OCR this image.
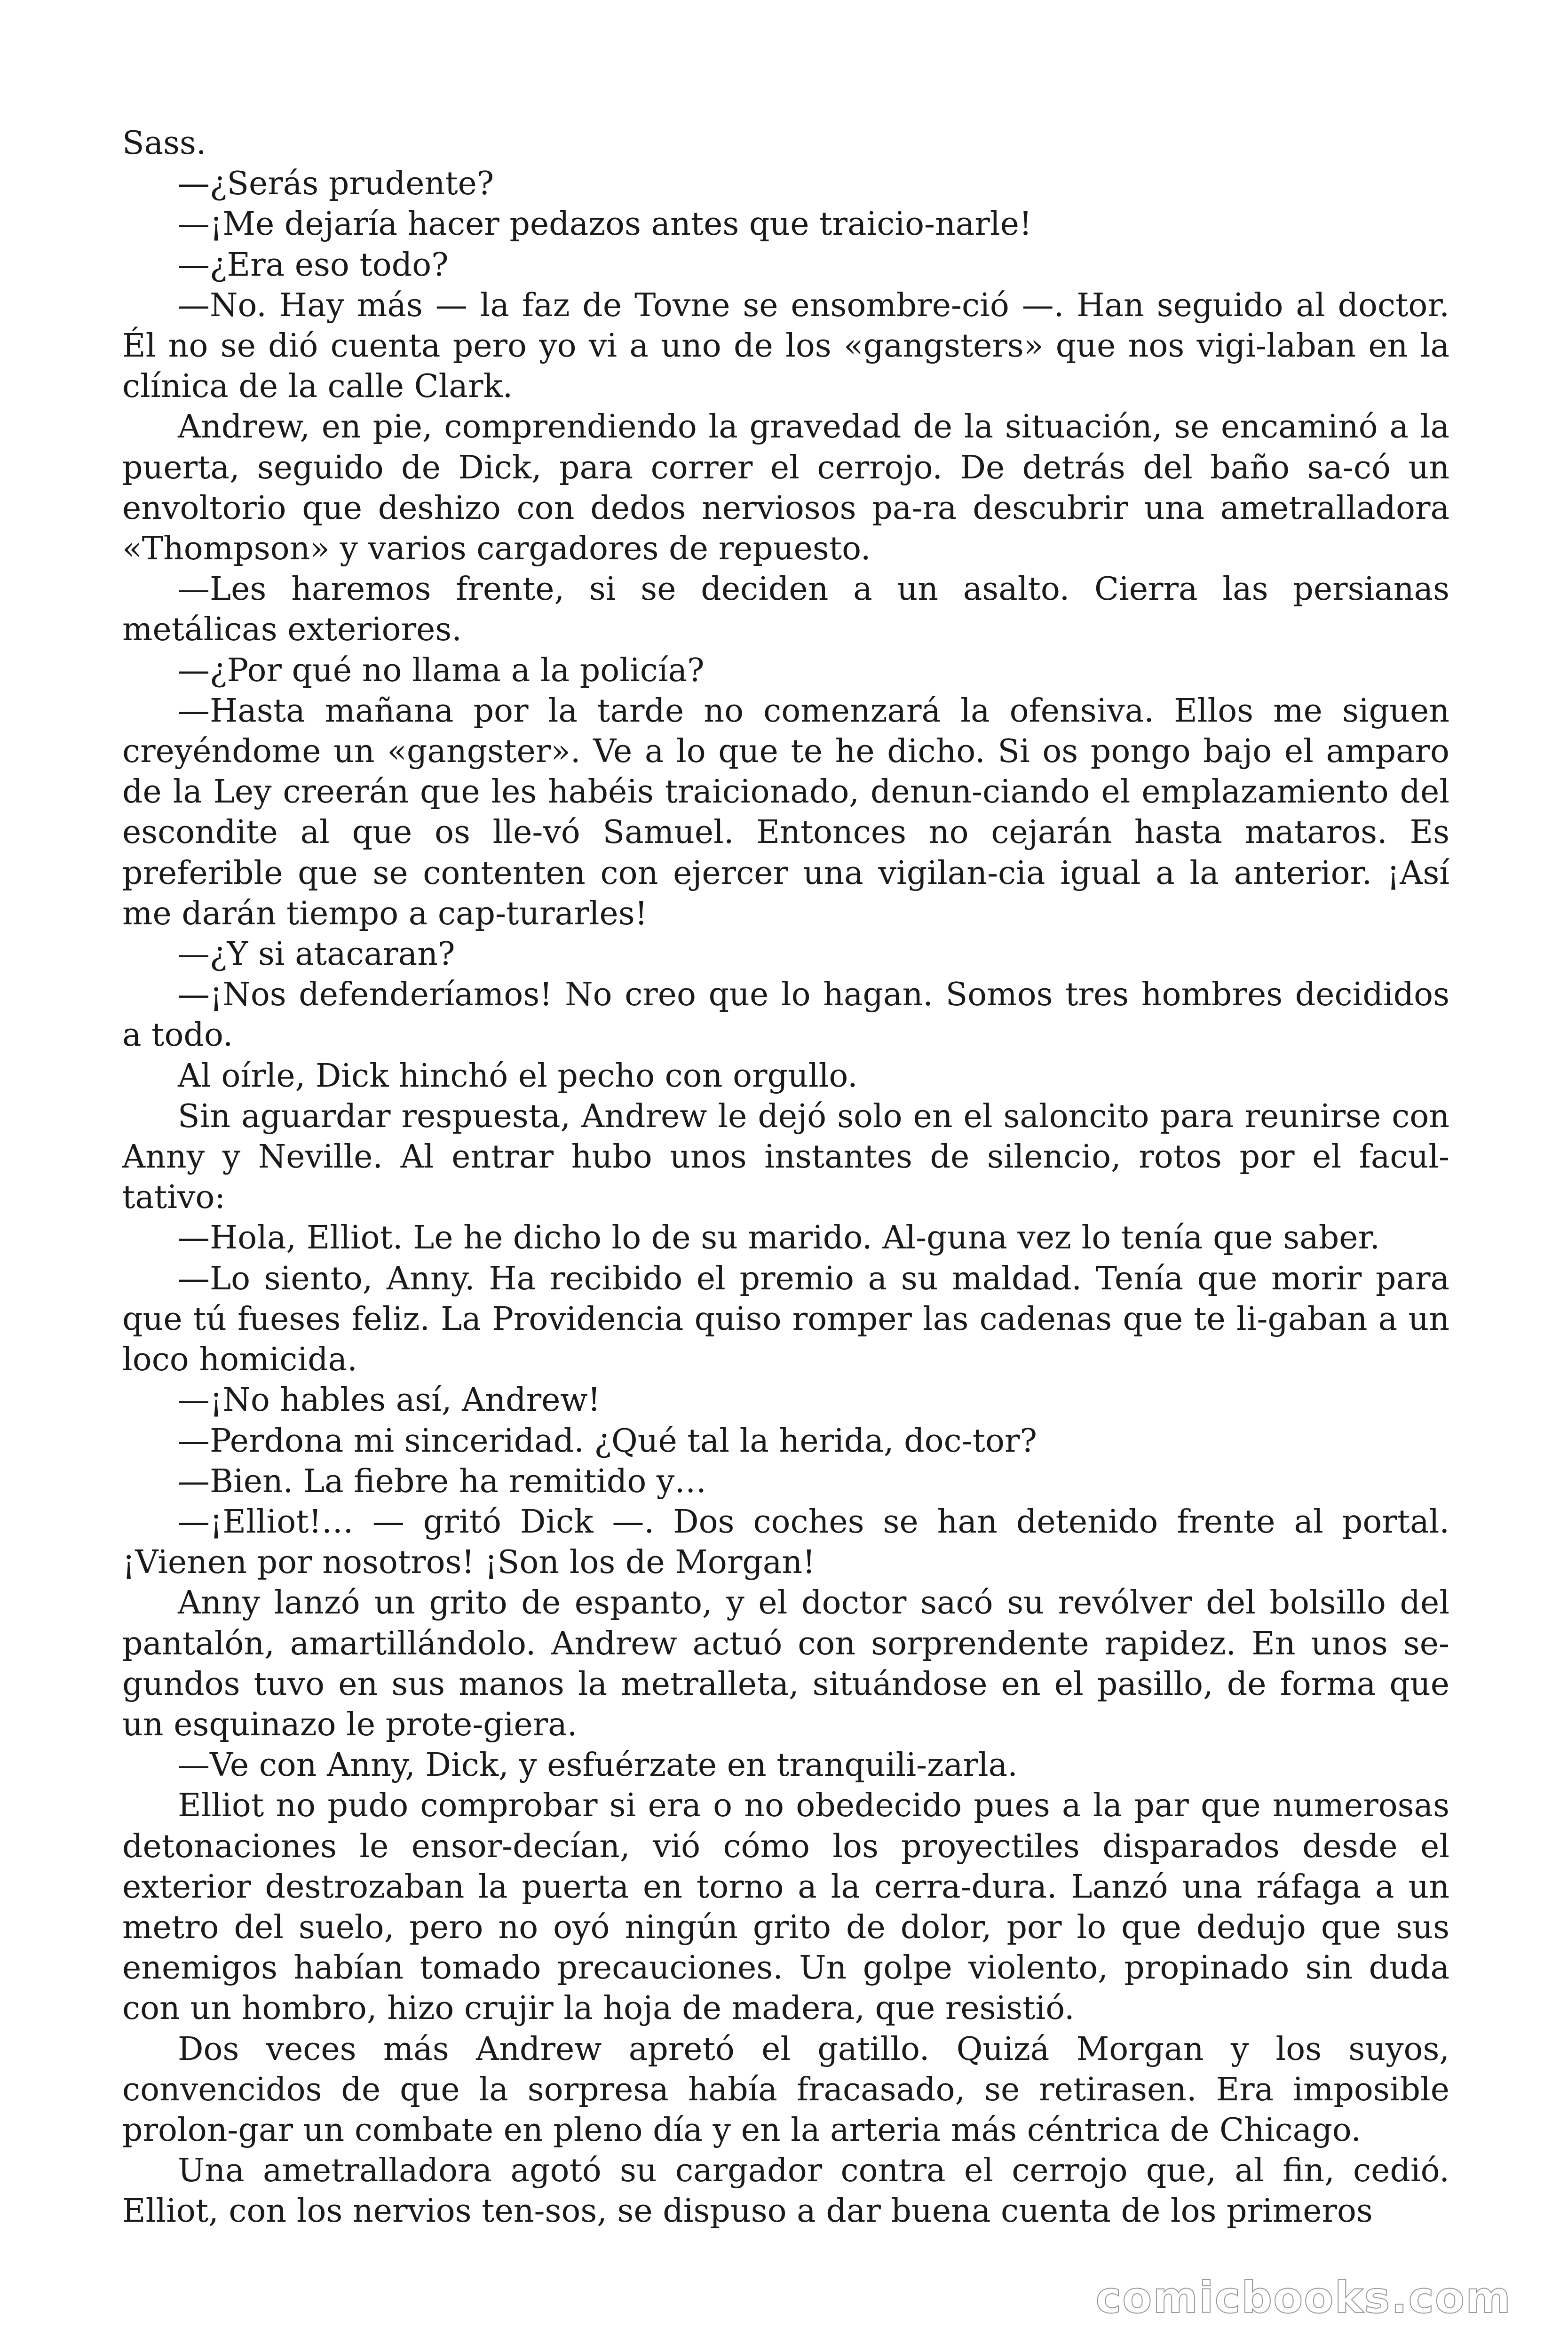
Sass.

—¿Serás prudente?

—¡Me dejaría hacer pedazos antes que traicio-narle!

—¿Era eso todo?

—No. Hay más — la faz de Tovne se ensombre-ció —. Han seguido al doctor. Él no se dió cuenta pero yo vi a uno de los «gangsters» que nos vigi-laban en la clínica de la calle Clark.

Andrew, en pie, comprendiendo la gravedad de la situación, se encaminó a la puerta, seguido de Dick, para correr el cerrojo. De detrás del baño sa-có un envoltorio que deshizo con dedos nerviosos pa-ra descubrir una ametralladora «Thompson» y varios cargadores de repuesto.

—Les haremos frente, si se deciden a un asalto. Cierra las persianas metálicas exteriores.

—¿Por qué no llama a la policía?

—Hasta mañana por la tarde no comenzará la ofensiva. Ellos me siguen creyéndome un «gangster». Ve a lo que te he dicho. Si os pongo bajo el amparo de la Ley creerán que les habéis traicionado, denun-ciando el emplazamiento del escondite al que os lle-vó Samuel. Entonces no cejarán hasta mataros. Es preferible que se contenten con ejercer una vigilan-cia igual a la anterior. ¡Así me darán tiempo a cap-turarles!

—¿Y si atacaran?

—¡Nos defenderíamos! No creo que lo hagan. Somos tres hombres decididos a todo.

Al oírle, Dick hinchó el pecho con orgullo.

Sin aguardar respuesta, Andrew le dejó solo en el saloncito para reunirse con Anny y Neville. Al entrar hubo unos instantes de silencio, rotos por el facul-tativo:

—Hola, Elliot. Le he dicho lo de su marido. Al-guna vez lo tenía que saber.

—Lo siento, Anny. Ha recibido el premio a su maldad. Tenía que morir para que tú fueses feliz. La Providencia quiso romper las cadenas que te li-gaban a un loco homicida.

—¡No hables así, Andrew!

—Perdona mi sinceridad. ¿Qué tal la herida, doc-tor?

—Bien. La fiebre ha remitido y…

—¡Elliot!… — gritó Dick —. Dos coches se han detenido frente al portal. ¡Vienen por nosotros! ¡Son los de Morgan!

Anny lanzó un grito de espanto, y el doctor sacó su revólver del bolsillo del pantalón, amartillándolo. Andrew actuó con sorprendente rapidez. En unos se-gundos tuvo en sus manos la metralleta, situándose en el pasillo, de forma que un esquinazo le prote-giera.

—Ve con Anny, Dick, y esfuérzate en tranquili-zarla.

Elliot no pudo comprobar si era o no obedecido pues a la par que numerosas detonaciones le ensor-decían, vió cómo los proyectiles disparados desde el exterior destrozaban la puerta en torno a la cerra-dura. Lanzó una ráfaga a un metro del suelo, pero no oyó ningún grito de dolor, por lo que dedujo que sus enemigos habían tomado precauciones. Un golpe violento, propinado sin duda con un hombro, hizo crujir la hoja de madera, que resistió.

Dos veces más Andrew apretó el gatillo. Quizá Morgan y los suyos, convencidos de que la sorpresa había fracasado, se retirasen. Era imposible prolon-gar un combate en pleno día y en la arteria más céntrica de Chicago.

Una ametralladora agotó su cargador contra el cerrojo que, al fin, cedió. Elliot, con los nervios ten-sos, se dispuso a dar buena cuenta de los primeros

comicbooks.com
